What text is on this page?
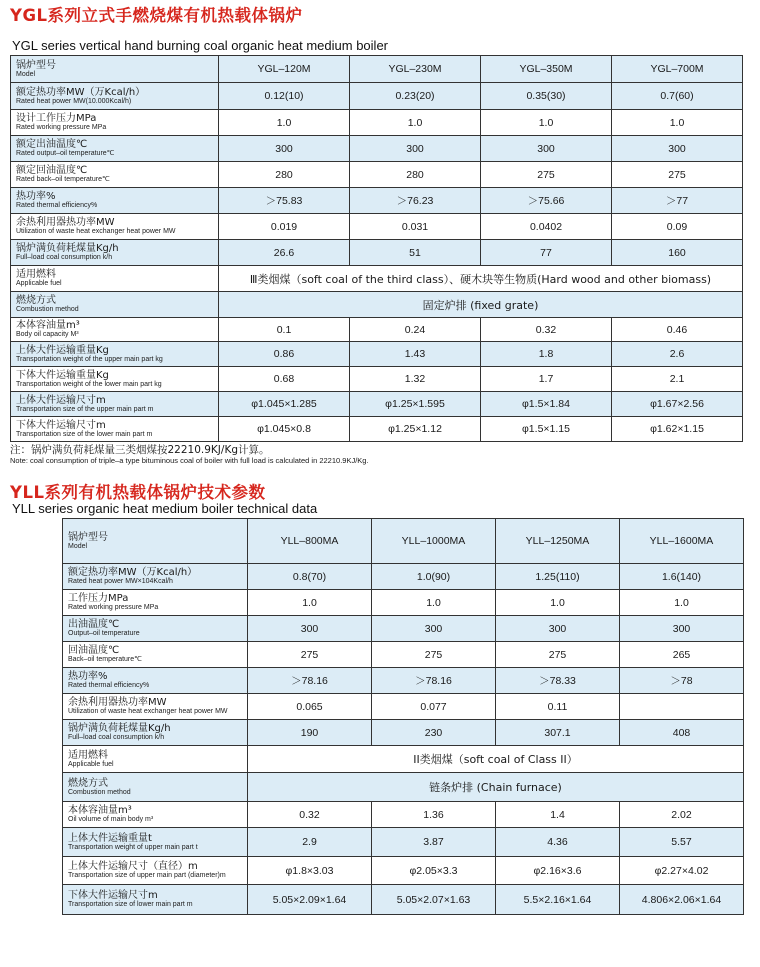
YGL系列立式手燃烧煤有机热载体锅炉
YGL series vertical hand burning coal organic heat medium boiler
锅炉型号
Model	YGL–120M	YGL–230M	YGL–350M	YGL–700M

额定热功率MW（万Kcal/h）
Rated heat power MW(10.000Kcal/h)	0.12(10)	0.23(20)	0.35(30)	0.7(60)

设计工作压力MPa
Rated working pressure MPa	1.0	1.0	1.0	1.0

额定出油温度℃
Rated output–oil temperature℃	300	300	300	300

额定回油温度℃
Rated back–oil temperature℃	280	280	275	275

热功率%
Rated thermal efficiency%	＞75.83	＞76.23	＞75.66	＞77

余热利用器热功率MW
Utilization of waste heat exchanger heat power MW	0.019	0.031	0.0402	0.09

锅炉满负荷耗煤量Kg/h
Full–load coal consumption k/h	26.6	51	77	160

适用燃料
Applicable fuel	Ⅲ类烟煤（soft coal of the third class）、硬木块等生物质(Hard wood and other biomass)			

燃烧方式
Combustion method	固定炉排 (fixed grate)			

本体容油量m³
Body oil capacity M³	0.1	0.24	0.32	0.46

上体大件运输重量Kg
Transportation weight of the upper main part kg	0.86	1.43	1.8	2.6

下体大件运输重量Kg
Transportation weight of the lower main part kg	0.68	1.32	1.7	2.1

上体大件运输尺寸m
Transportation size of the upper main part m	φ1.045×1.285	φ1.25×1.595	φ1.5×1.84	φ1.67×2.56

下体大件运输尺寸m
Transportation size of the lower main part m	φ1.045×0.8	φ1.25×1.12	φ1.5×1.15	φ1.62×1.15
注：锅炉满负荷耗煤量三类烟煤按22210.9KJ/Kg计算。
Note: coal consumption of triple–a type bituminous coal of boiler with full load is calculated in 22210.9KJ/Kg.
YLL系列有机热载体锅炉技术参数
YLL series organic heat medium boiler technical data
锅炉型号
Model	YLL–800MA	YLL–1000MA	YLL–1250MA	YLL–1600MA

额定热功率MW（万Kcal/h）
Rated heat power MW×104Kcal/h	0.8(70)	1.0(90)	1.25(110)	1.6(140)

工作压力MPa
Rated working pressure MPa	1.0	1.0	1.0	1.0

出油温度℃
Output–oil temperature	300	300	300	300

回油温度℃
Back–oil temperature℃	275	275	275	265

热功率%
Rated thermal efficiency%	＞78.16	＞78.16	＞78.33	＞78

余热利用器热功率MW
Utilization of waste heat exchanger heat power MW	0.065	0.077	0.11	

锅炉满负荷耗煤量Kg/h
Full–load coal consumption k/h	190	230	307.1	408

适用燃料
Applicable fuel	II类烟煤（soft coal of Class II）			

燃烧方式
Combustion method	链条炉排 (Chain furnace)			

本体容油量m³
Oil volume of main body m³	0.32	1.36	1.4	2.02

上体大件运输重量t
Transportation weight of upper main part t	2.9	3.87	4.36	5.57

上体大件运输尺寸（直径）m
Transportation size of upper main part (diameter)m	φ1.8×3.03	φ2.05×3.3	φ2.16×3.6	φ2.27×4.02

下体大件运输尺寸m
Transportation size of lower main part m	5.05×2.09×1.64	5.05×2.07×1.63	5.5×2.16×1.64	4.806×2.06×1.64
